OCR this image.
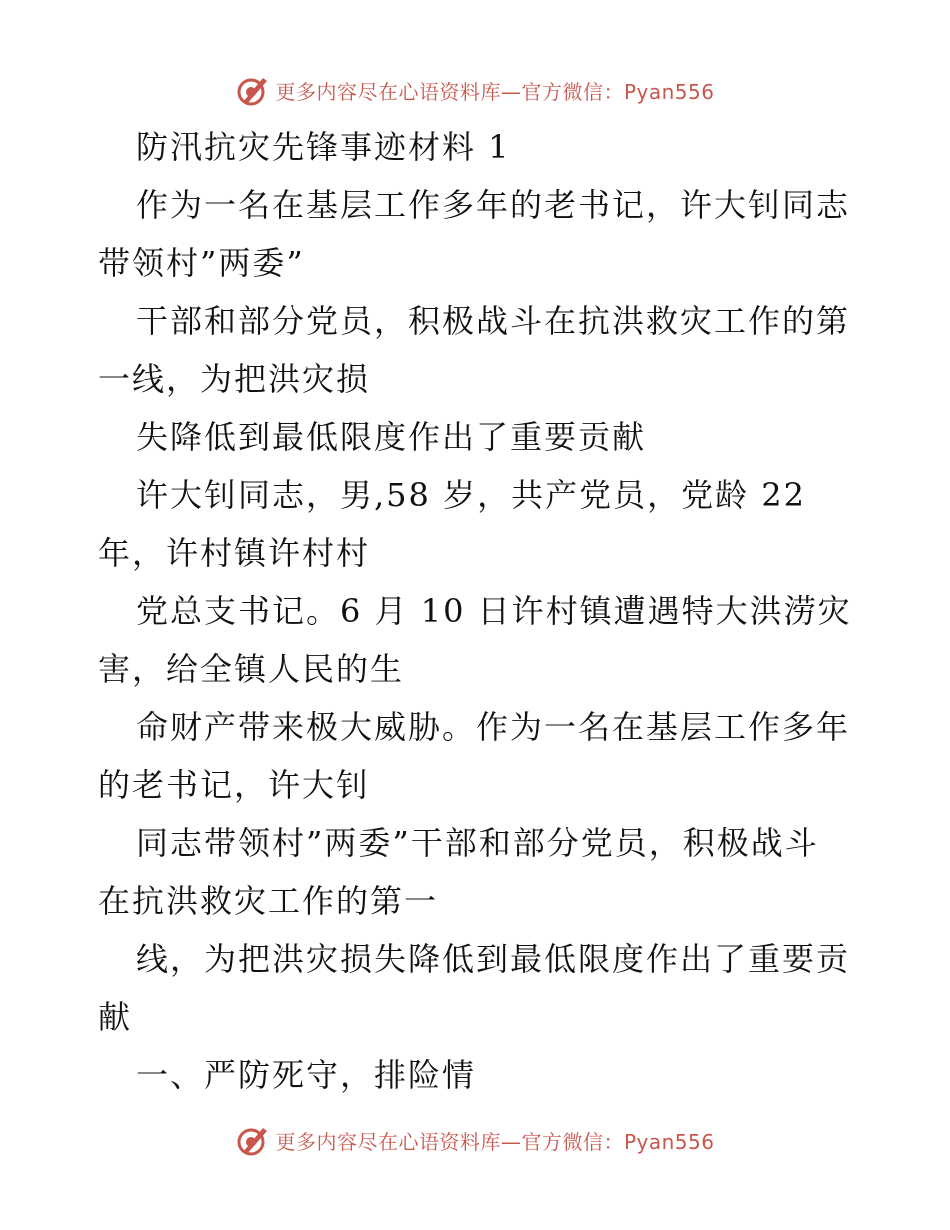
更多内容尽在心语资料库—官方微信：Pyan556
防汛抗灾先锋事迹材料 1
作为一名在基层工作多年的老书记，许大钊同志
带领村”两委”
干部和部分党员，积极战斗在抗洪救灾工作的第
一线，为把洪灾损
失降低到最低限度作出了重要贡献
许大钊同志，男,58 岁，共产党员，党龄 22
年，许村镇许村村
党总支书记。6 月 10 日许村镇遭遇特大洪涝灾
害，给全镇人民的生
命财产带来极大威胁。作为一名在基层工作多年
的老书记，许大钊
同志带领村”两委”干部和部分党员，积极战斗
在抗洪救灾工作的第一
线，为把洪灾损失降低到最低限度作出了重要贡
献
一、严防死守，排险情
更多内容尽在心语资料库—官方微信：Pyan556
